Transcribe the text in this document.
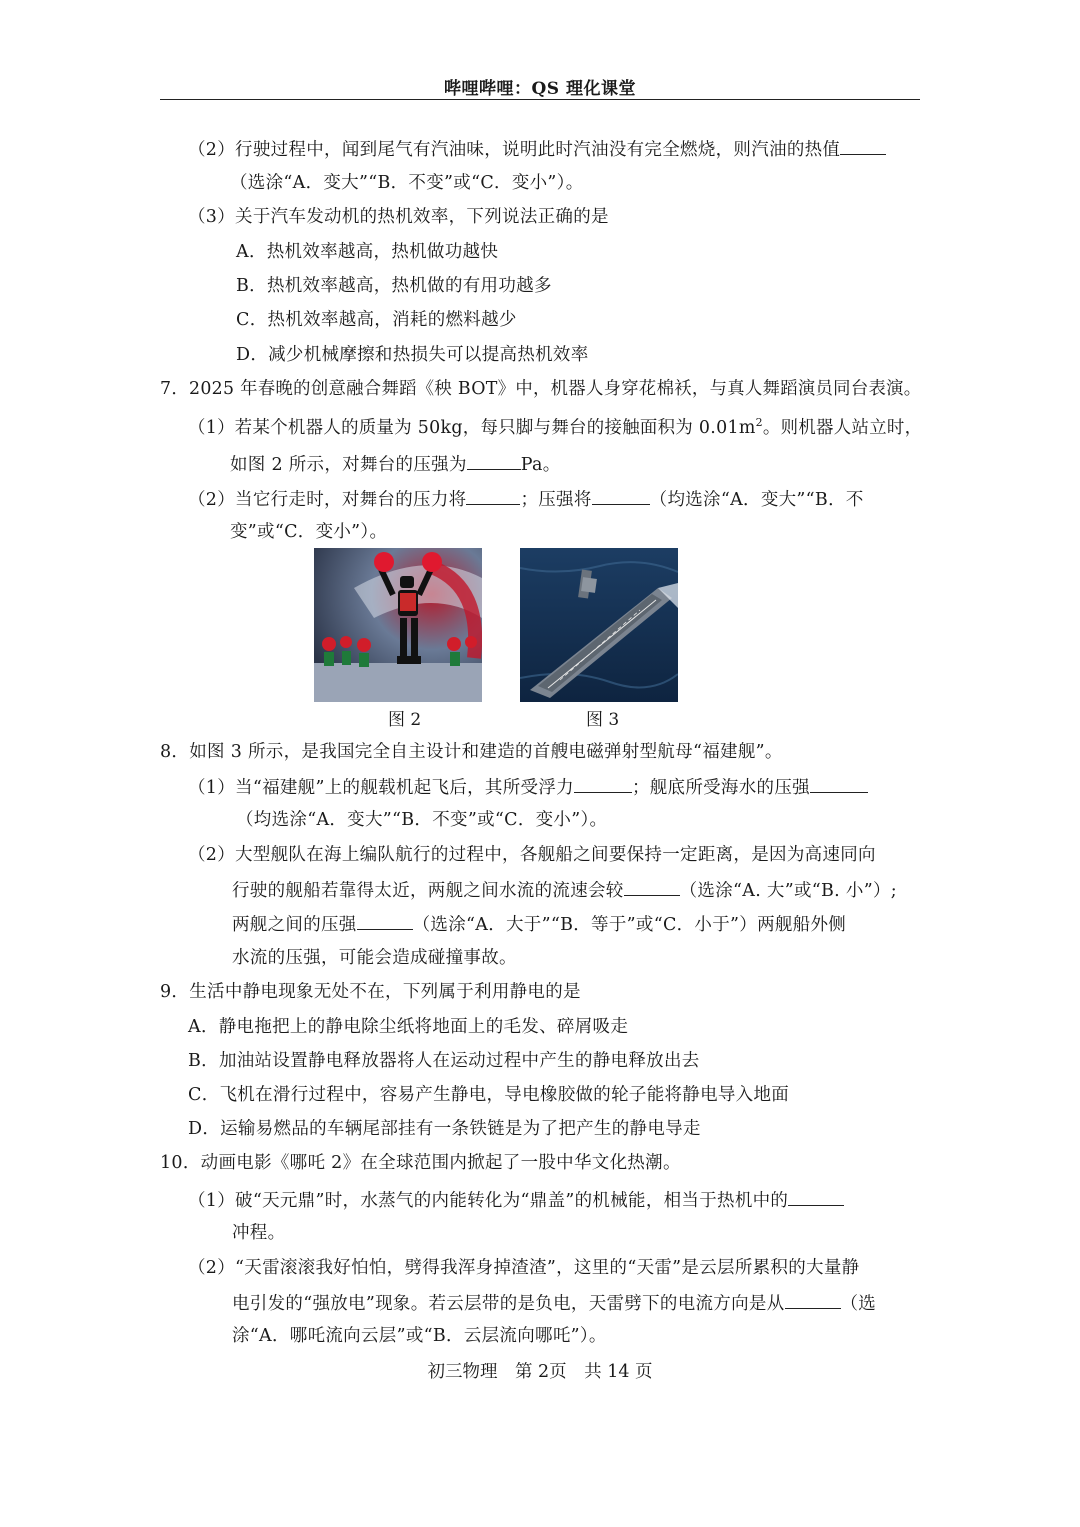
哔哩哔哩：QS 理化课堂
（2）行驶过程中，闻到尾气有汽油味，说明此时汽油没有完全燃烧，则汽油的热值
（选涂“A．变大”“B．不变”或“C．变小”）。
（3）关于汽车发动机的热机效率，下列说法正确的是
A．热机效率越高，热机做功越快
B．热机效率越高，热机做的有用功越多
C．热机效率越高，消耗的燃料越少
D．减少机械摩擦和热损失可以提高热机效率
7．2025 年春晚的创意融合舞蹈《秧 BOT》中，机器人身穿花棉袄，与真人舞蹈演员同台表演。
（1）若某个机器人的质量为 50kg，每只脚与舞台的接触面积为 $0.01m^2$。则机器人站立时，
如图 2 所示，对舞台的压强为	Pa。
（2）当它行走时，对舞台的压力将	；压强将	（均选涂“A．变大”“B．不
变”或“C．变小”）。
图 2	图 3
8．如图 3 所示，是我国完全自主设计和建造的首艘电磁弹射型航母“福建舰”。
（1）当“福建舰”上的舰载机起飞后，其所受浮力	；舰底所受海水的压强
（均选涂“A．变大”“B．不变”或“C．变小”）。
（2）大型舰队在海上编队航行的过程中，各舰船之间要保持一定距离，是因为高速同向
行驶的舰船若靠得太近，两舰之间水流的流速会较	（选涂“A. 大”或“B. 小”）;
两舰之间的压强	（选涂“A．大于”“B．等于”或“C．小于”）两舰船外侧
水流的压强，可能会造成碰撞事故。
9．生活中静电现象无处不在，下列属于利用静电的是
A．静电拖把上的静电除尘纸将地面上的毛发、碎屑吸走
B．加油站设置静电释放器将人在运动过程中产生的静电释放出去
C．飞机在滑行过程中，容易产生静电，导电橡胶做的轮子能将静电导入地面
D．运输易燃品的车辆尾部挂有一条铁链是为了把产生的静电导走
10．动画电影《哪吒 2》在全球范围内掀起了一股中华文化热潮。
（1）破“天元鼎”时，水蒸气的内能转化为“鼎盖”的机械能，相当于热机中的
冲程。
（2）“天雷滚滚我好怕怕，劈得我浑身掉渣渣”，这里的“天雷”是云层所累积的大量静
电引发的“强放电”现象。若云层带的是负电，天雷劈下的电流方向是从	（选
涂“A．哪吒流向云层”或“B．云层流向哪吒”）。
初三物理　第 2页　共 14 页
